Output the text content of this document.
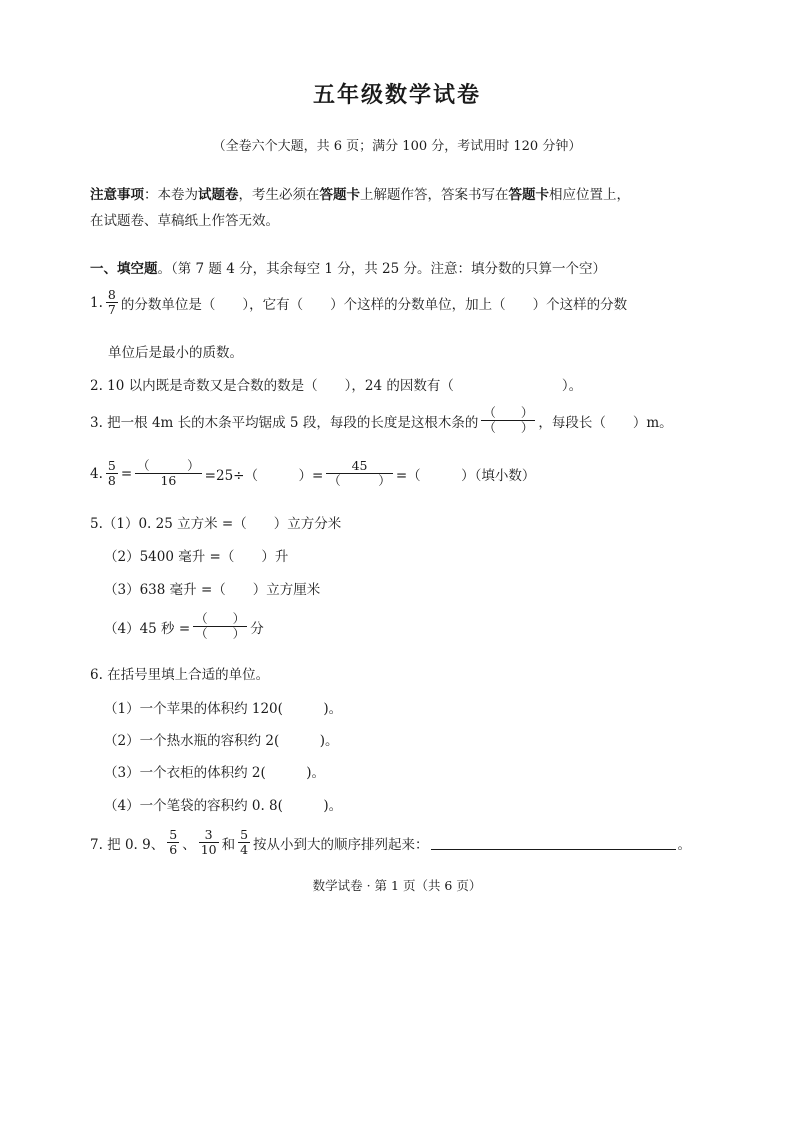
五年级数学试卷
（全卷六个大题，共 6 页；满分 100 分，考试用时 120 分钟）
注意事项：本卷为试题卷，考生必须在答题卡上解题作答，答案书写在答题卡相应位置上，
在试题卷、草稿纸上作答无效。
一、填空题 。（第 7 题 4 分，其余每空 1 分，共 25 分。注意：填分数的只算一个空）
1. $\frac{8}{7}$ 的分数单位是（　　），它有（　　）个这样的分数单位，加上（　　）个这样的分数
单位后是最小的质数。
2. 10 以内既是奇数又是合数的数是（　　），24 的因数有（　　　　　　　　）。
3. 把一根 4m 长的木条平均锯成 5 段，每段的长度是这根木条的 $\frac{( )}{( )}$ ，每段长（　　）m。
4. $\frac{5}{8} = \frac{( )}{16} =25\div$（　　　）= $\frac{45}{( )}$ =（　　　）（填小数）
5.（1）0. 25 立方米 =（　　）立方分米
（2）5400 毫升 =（　　）升
（3）638 毫升 =（　　）立方厘米
（4）45 秒 = $\frac{( )}{( )}$ 分
6. 在括号里填上合适的单位。
（1）一个苹果的体积约 120(　　　)。
（2）一个热水瓶的容积约 2(　　　)。
（3）一个衣柜的体积约 2(　　　)。
（4）一个笔袋的容积约 0. 8(　　　)。
7. 把 0. 9、 $\frac{5}{6}$ 、 $\frac{3}{10}$ 和 $\frac{5}{4}$ 按从小到大的顺序排列起来：	。
数学试卷 · 第 1 页（共 6 页）
